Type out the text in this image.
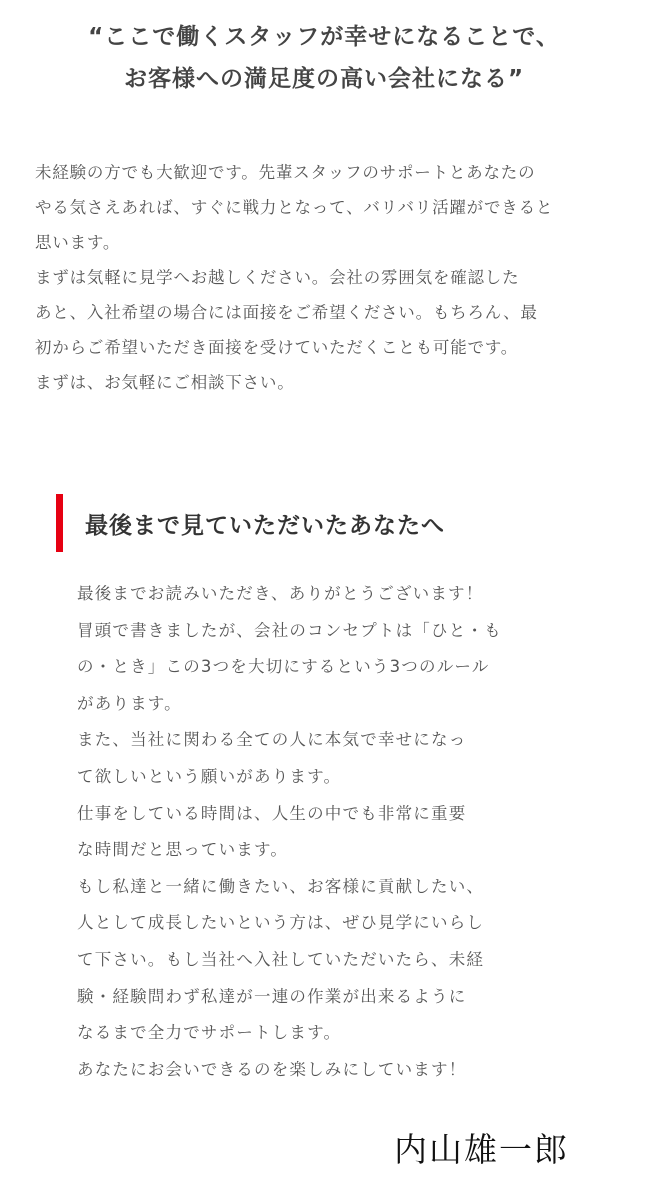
“ここで働くスタッフが幸せになることで、
お客様への満足度の高い会社になる”
未経験の方でも大歓迎です。先輩スタッフのサポートとあなたの
やる気さえあれば、すぐに戦力となって、バリバリ活躍ができると
思います。
まずは気軽に見学へお越しください。会社の雰囲気を確認した
あと、入社希望の場合には面接をご希望ください。もちろん、最
初からご希望いただき面接を受けていただくことも可能です。
まずは、お気軽にご相談下さい。
最後まで見ていただいたあなたへ
最後までお読みいただき、ありがとうございます！
冒頭で書きましたが、会社のコンセプトは「ひと・も
の・とき」この3つを大切にするという3つのルール
があります。
また、当社に関わる全ての人に本気で幸せになっ
て欲しいという願いがあります。
仕事をしている時間は、人生の中でも非常に重要
な時間だと思っています。
もし私達と一緒に働きたい、お客様に貢献したい、
人として成長したいという方は、ぜひ見学にいらし
て下さい。もし当社へ入社していただいたら、未経
験・経験問わず私達が一連の作業が出来るように
なるまで全力でサポートします。
あなたにお会いできるのを楽しみにしています！
内山雄一郎
